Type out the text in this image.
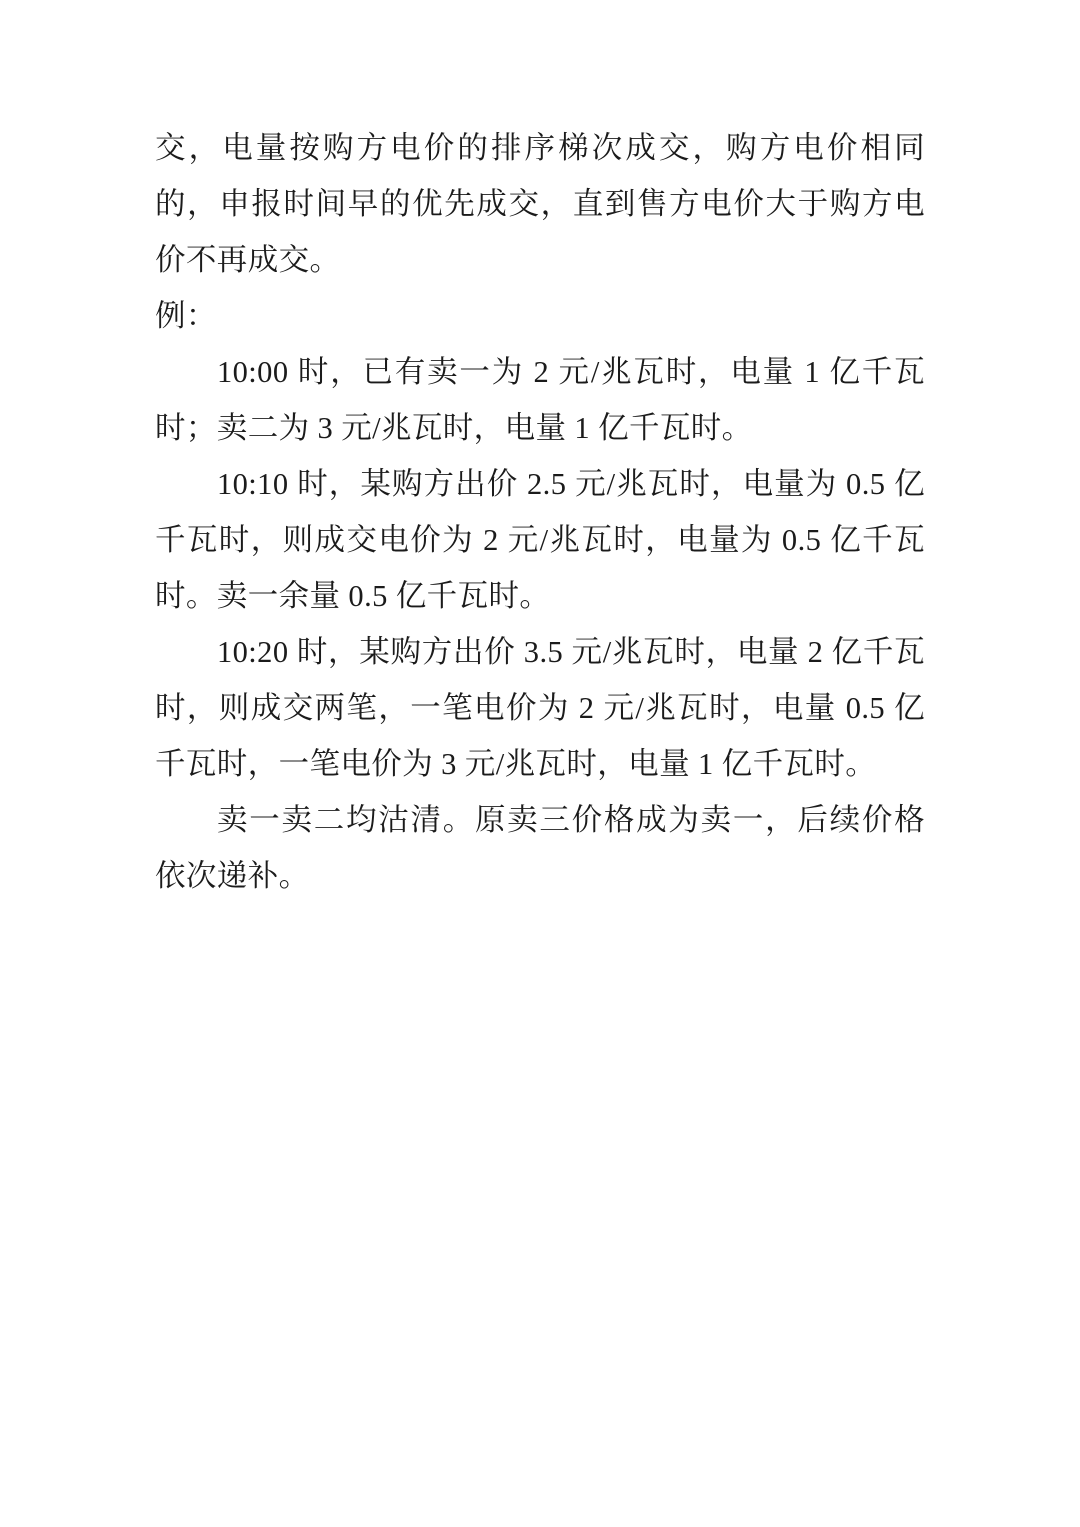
交，电量按购方电价的排序梯次成交，购方电价相同的，申报时间早的优先成交，直到售方电价大于购方电价不再成交。

例：

10:00 时，已有卖一为 2 元/兆瓦时，电量 1 亿千瓦时；卖二为 3 元/兆瓦时，电量 1 亿千瓦时。

10:10 时，某购方出价 2.5 元/兆瓦时，电量为 0.5 亿千瓦时，则成交电价为 2 元/兆瓦时，电量为 0.5 亿千瓦时。卖一余量 0.5 亿千瓦时。

10:20 时，某购方出价 3.5 元/兆瓦时，电量 2 亿千瓦时，则成交两笔，一笔电价为 2 元/兆瓦时，电量 0.5 亿千瓦时，一笔电价为 3 元/兆瓦时，电量 1 亿千瓦时。

卖一卖二均沽清。原卖三价格成为卖一，后续价格依次递补。
